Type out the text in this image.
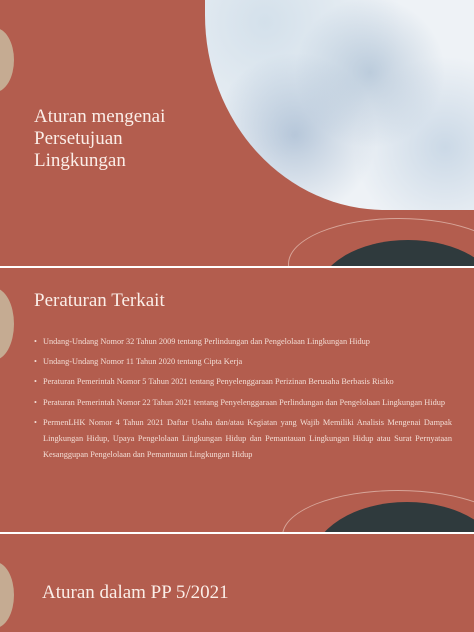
Aturan mengenai Persetujuan Lingkungan
Peraturan Terkait
• Undang-Undang Nomor 32 Tahun 2009 tentang Perlindungan dan Pengelolaan Lingkungan Hidup
• Undang-Undang Nomor 11 Tahun 2020 tentang Cipta Kerja
• Peraturan Pemerintah Nomor 5 Tahun 2021 tentang Penyelenggaraan Perizinan Berusaha Berbasis Risiko
• Peraturan Pemerintah Nomor 22 Tahun 2021 tentang Penyelenggaraan Perlindungan dan Pengelolaan Lingkungan Hidup
• PermenLHK Nomor 4 Tahun 2021 Daftar Usaha dan/atau Kegiatan yang Wajib Memiliki Analisis Mengenai Dampak Lingkungan Hidup, Upaya Pengelolaan Lingkungan Hidup dan Pemantauan Lingkungan Hidup atau Surat Pernyataan Kesanggupan Pengelolaan dan Pemantauan Lingkungan Hidup
Aturan dalam PP 5/2021
